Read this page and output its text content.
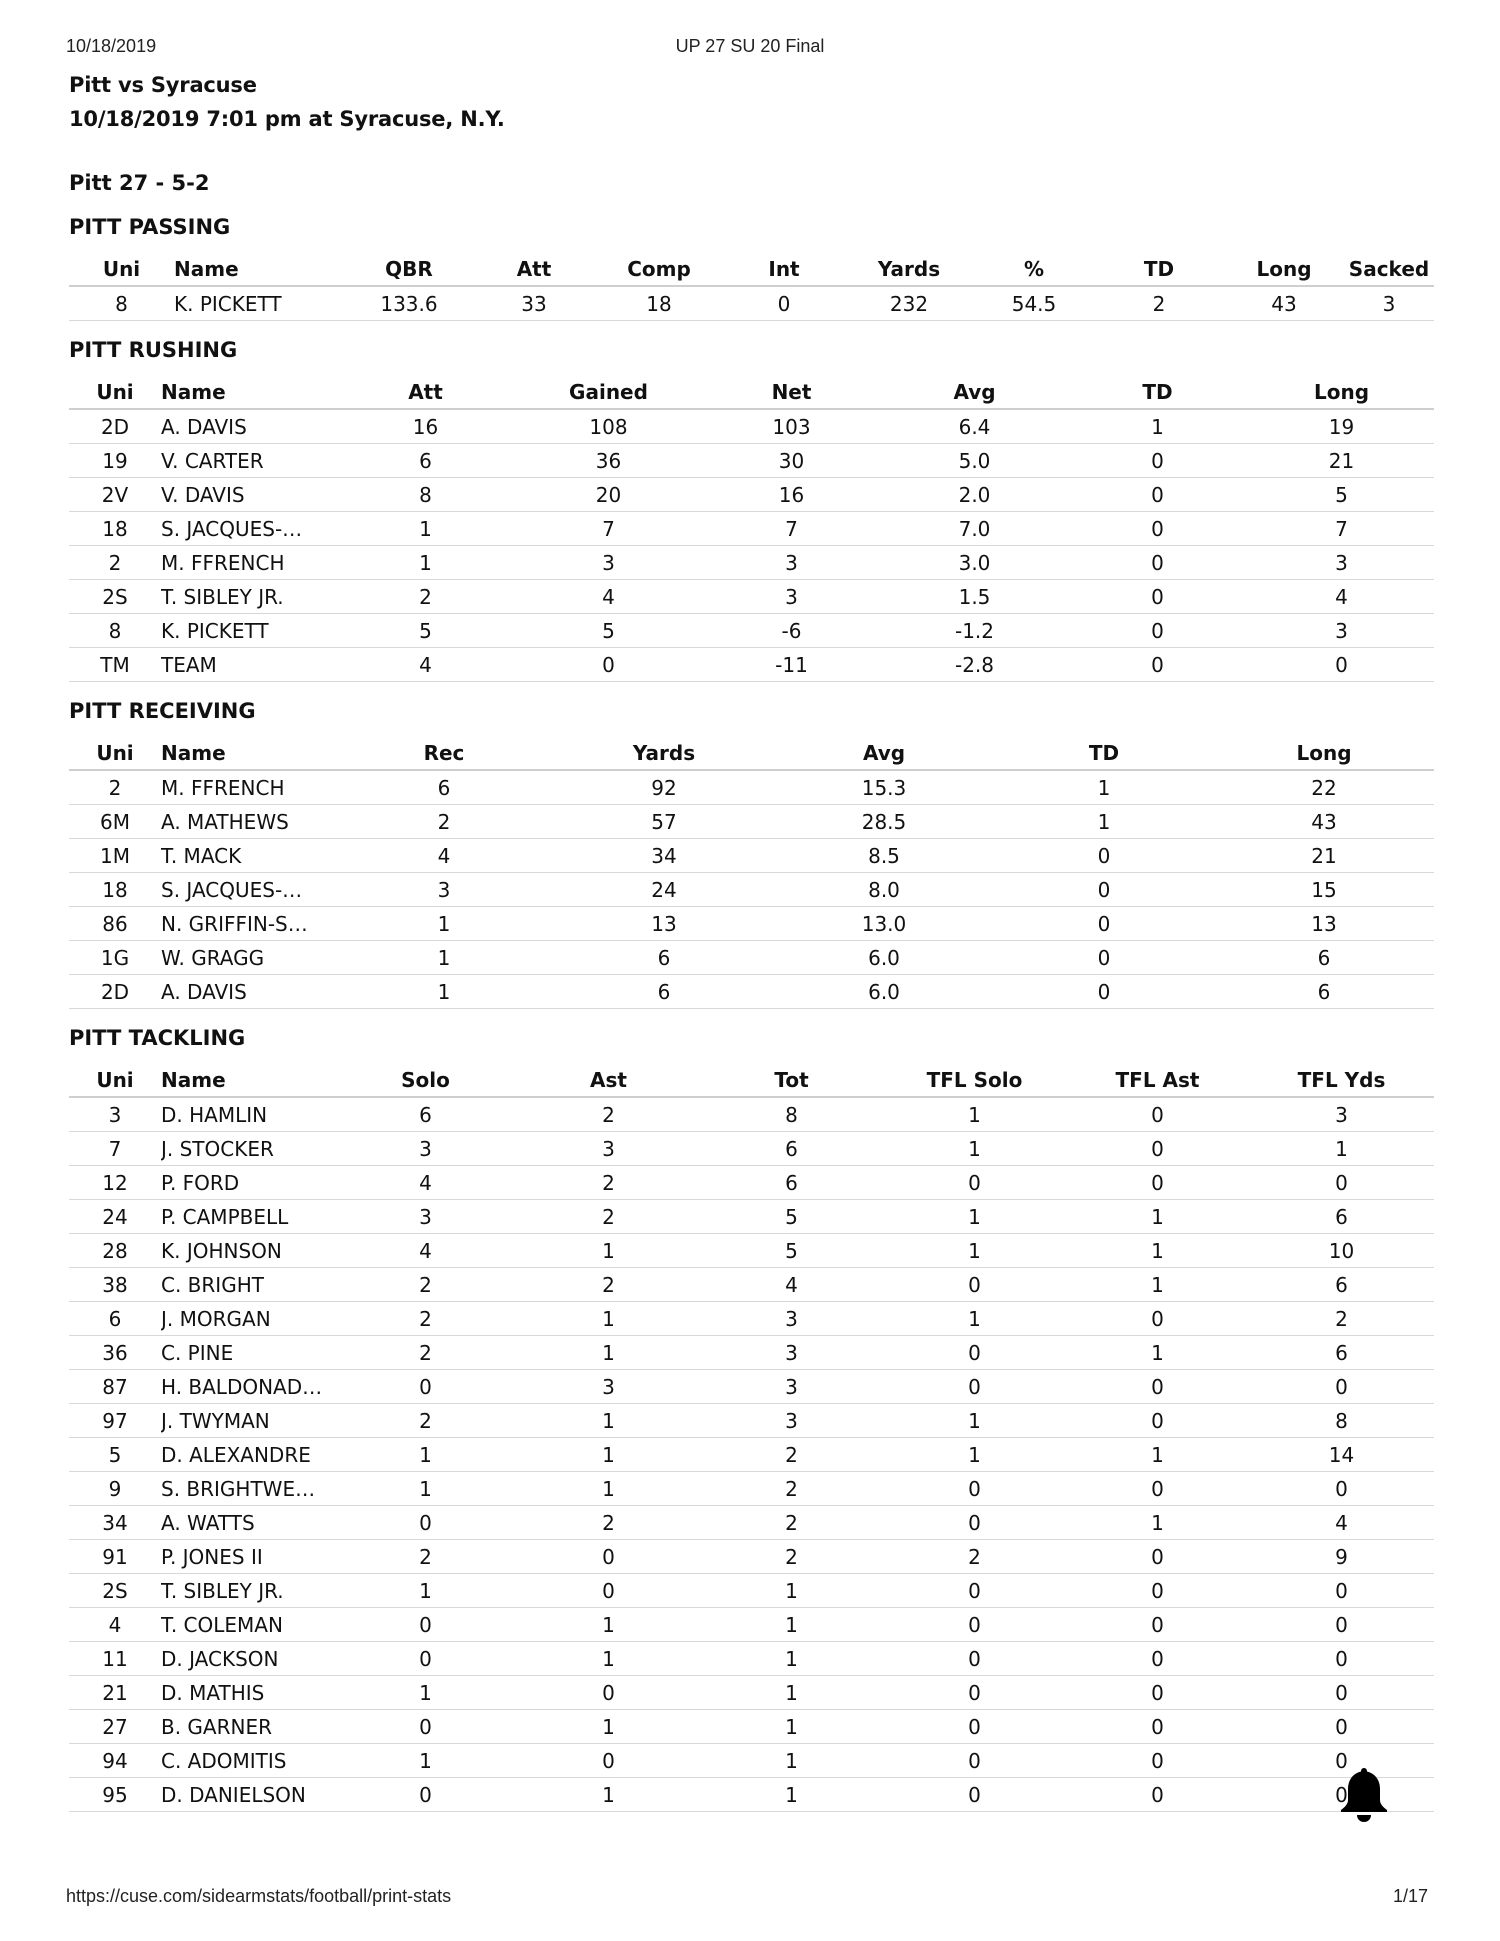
10/18/2019	UP 27 SU 20 Final
Pitt vs Syracuse
10/18/2019 7:01 pm at Syracuse, N.Y.
Pitt 27 - 5-2
PITT PASSING
Uni	Name	QBR	Att	Comp	Int	Yards	%	TD	Long	Sacked
8	K. PICKETT	133.6	33	18	0	232	54.5	2	43	3
PITT RUSHING
Uni	Name	Att	Gained	Net	Avg	TD	Long
2D	A. DAVIS	16	108	103	6.4	1	19
19	V. CARTER	6	36	30	5.0	0	21
2V	V. DAVIS	8	20	16	2.0	0	5
18	S. JACQUES-…	1	7	7	7.0	0	7
2	M. FFRENCH	1	3	3	3.0	0	3
2S	T. SIBLEY JR.	2	4	3	1.5	0	4
8	K. PICKETT	5	5	-6	-1.2	0	3
TM	TEAM	4	0	-11	-2.8	0	0
PITT RECEIVING
Uni	Name	Rec	Yards	Avg	TD	Long
2	M. FFRENCH	6	92	15.3	1	22
6M	A. MATHEWS	2	57	28.5	1	43
1M	T. MACK	4	34	8.5	0	21
18	S. JACQUES-…	3	24	8.0	0	15
86	N. GRIFFIN-S…	1	13	13.0	0	13
1G	W. GRAGG	1	6	6.0	0	6
2D	A. DAVIS	1	6	6.0	0	6
PITT TACKLING
Uni	Name	Solo	Ast	Tot	TFL Solo	TFL Ast	TFL Yds
3	D. HAMLIN	6	2	8	1	0	3
7	J. STOCKER	3	3	6	1	0	1
12	P. FORD	4	2	6	0	0	0
24	P. CAMPBELL	3	2	5	1	1	6
28	K. JOHNSON	4	1	5	1	1	10
38	C. BRIGHT	2	2	4	0	1	6
6	J. MORGAN	2	1	3	1	0	2
36	C. PINE	2	1	3	0	1	6
87	H. BALDONAD…	0	3	3	0	0	0
97	J. TWYMAN	2	1	3	1	0	8
5	D. ALEXANDRE	1	1	2	1	1	14
9	S. BRIGHTWE…	1	1	2	0	0	0
34	A. WATTS	0	2	2	0	1	4
91	P. JONES II	2	0	2	2	0	9
2S	T. SIBLEY JR.	1	0	1	0	0	0
4	T. COLEMAN	0	1	1	0	0	0
11	D. JACKSON	0	1	1	0	0	0
21	D. MATHIS	1	0	1	0	0	0
27	B. GARNER	0	1	1	0	0	0
94	C. ADOMITIS	1	0	1	0	0	0
95	D. DANIELSON	0	1	1	0	0	0
https://cuse.com/sidearmstats/football/print-stats	1/17
